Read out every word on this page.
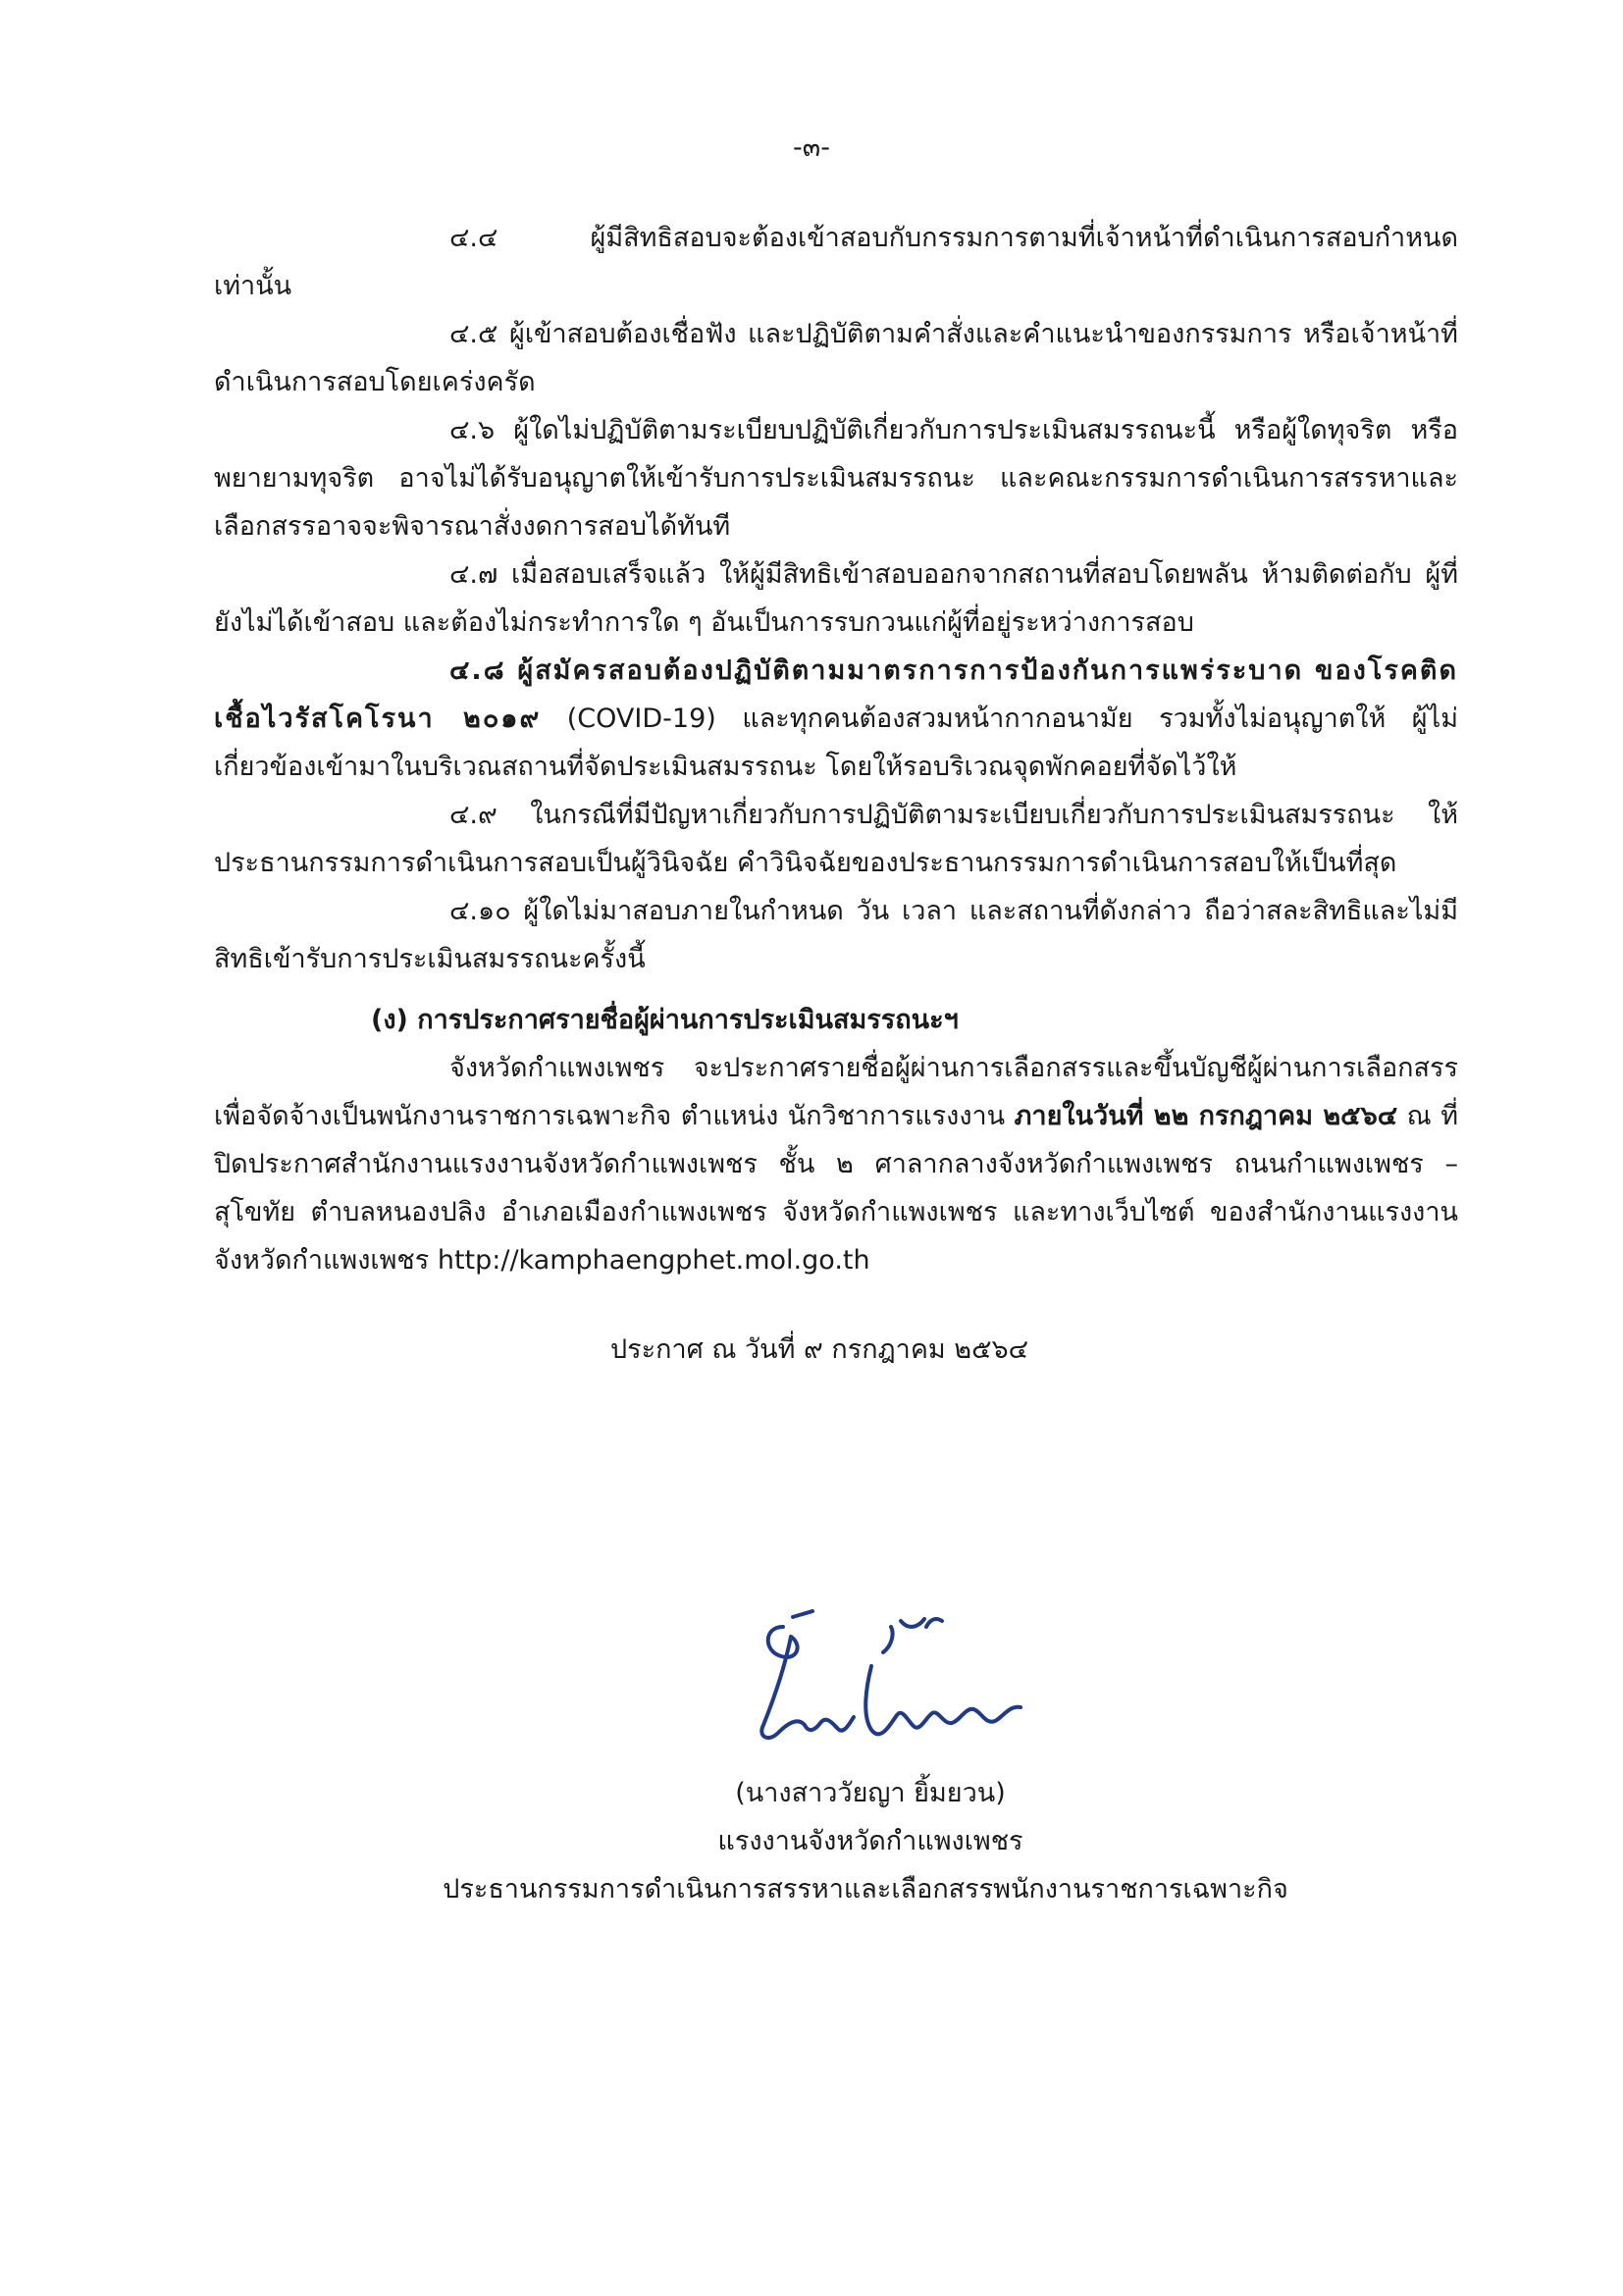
-๓-

๔.๔ ผู้มีสิทธิสอบจะต้องเข้าสอบกับกรรมการตามที่เจ้าหน้าที่ดำเนินการสอบกำหนด เท่านั้น

๔.๕ ผู้เข้าสอบต้องเชื่อฟัง และปฏิบัติตามคำสั่งและคำแนะนำของกรรมการ หรือเจ้าหน้าที่ ดำเนินการสอบโดยเคร่งครัด

๔.๖ ผู้ใดไม่ปฏิบัติตามระเบียบปฏิบัติเกี่ยวกับการประเมินสมรรถนะนี้ หรือผู้ใดทุจริต หรือ พยายามทุจริต อาจไม่ได้รับอนุญาตให้เข้ารับการประเมินสมรรถนะ และคณะกรรมการดำเนินการสรรหาและ เลือกสรรอาจจะพิจารณาสั่งงดการสอบได้ทันที

๔.๗ เมื่อสอบเสร็จแล้ว ให้ผู้มีสิทธิเข้าสอบออกจากสถานที่สอบโดยพลัน ห้ามติดต่อกับ ผู้ที่ยังไม่ได้เข้าสอบ และต้องไม่กระทำการใด ๆ อันเป็นการรบกวนแก่ผู้ที่อยู่ระหว่างการสอบ

๔.๘ ผู้สมัครสอบต้องปฏิบัติตามมาตรการการป้องกันการแพร่ระบาด ของโรคติดเชื้อไวรัสโคโรนา ๒๐๑๙ (COVID-19) และทุกคนต้องสวมหน้ากากอนามัย รวมทั้งไม่อนุญาตให้ ผู้ไม่เกี่ยวข้องเข้ามาในบริเวณสถานที่จัดประเมินสมรรถนะ โดยให้รอบริเวณจุดพักคอยที่จัดไว้ให้

๔.๙ ในกรณีที่มีปัญหาเกี่ยวกับการปฏิบัติตามระเบียบเกี่ยวกับการประเมินสมรรถนะ ให้ประธานกรรมการดำเนินการสอบเป็นผู้วินิจฉัย คำวินิจฉัยของประธานกรรมการดำเนินการสอบให้เป็นที่สุด

๔.๑๐ ผู้ใดไม่มาสอบภายในกำหนด วัน เวลา และสถานที่ดังกล่าว ถือว่าสละสิทธิและไม่มี สิทธิเข้ารับการประเมินสมรรถนะครั้งนี้

(ง) การประกาศรายชื่อผู้ผ่านการประเมินสมรรถนะฯ

จังหวัดกำแพงเพชร จะประกาศรายชื่อผู้ผ่านการเลือกสรรและขึ้นบัญชีผู้ผ่านการเลือกสรร เพื่อจัดจ้างเป็นพนักงานราชการเฉพาะกิจ ตำแหน่ง นักวิชาการแรงงาน ภายในวันที่ ๒๒ กรกฎาคม ๒๕๖๔ ณ ที่ปิดประกาศสำนักงานแรงงานจังหวัดกำแพงเพชร ชั้น ๒ ศาลากลางจังหวัดกำแพงเพชร ถนนกำแพงเพชร – สุโขทัย ตำบลหนองปลิง อำเภอเมืองกำแพงเพชร จังหวัดกำแพงเพชร และทางเว็บไซต์ ของสำนักงานแรงงาน จังหวัดกำแพงเพชร http://kamphaengphet.mol.go.th

ประกาศ ณ วันที่ ๙ กรกฎาคม ๒๕๖๔

(นางสาววัยญา ยิ้มยวน)

แรงงานจังหวัดกำแพงเพชร

ประธานกรรมการดำเนินการสรรหาและเลือกสรรพนักงานราชการเฉพาะกิจ
